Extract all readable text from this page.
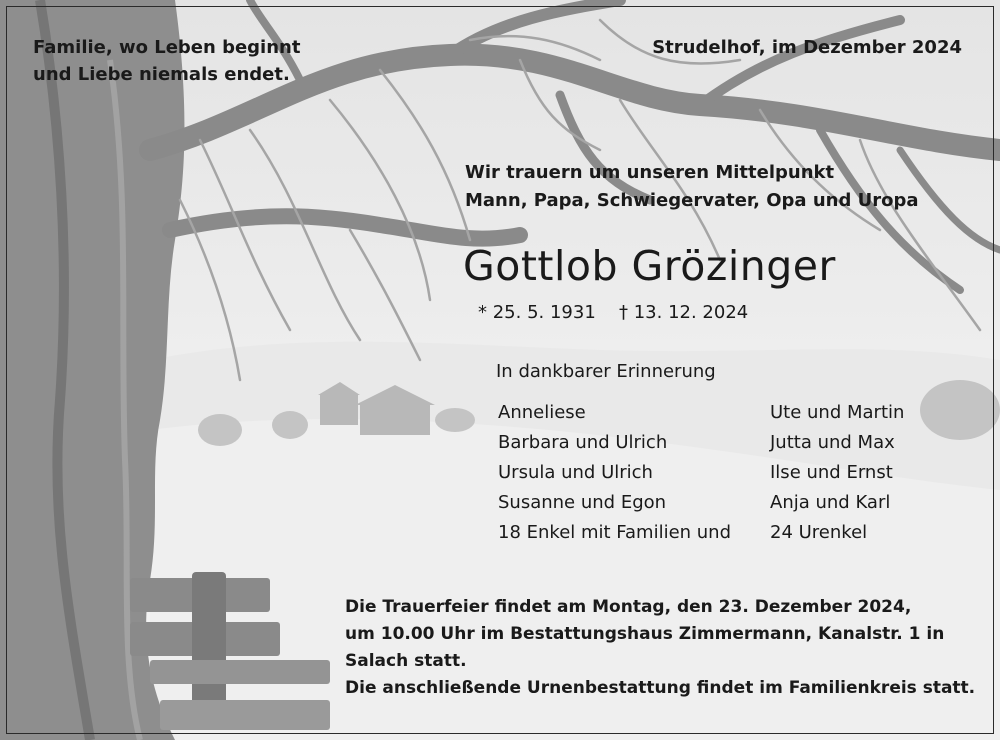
Familie, wo Leben beginnt
und Liebe niemals endet.
Strudelhof, im Dezember 2024
Wir trauern um unseren Mittelpunkt
Mann, Papa, Schwiegervater, Opa und Uropa
Gottlob Grözinger
* 25. 5. 1931 † 13. 12. 2024
In dankbarer Erinnerung
Anneliese
Barbara und Ulrich
Ursula und Ulrich
Susanne und Egon
18 Enkel mit Familien und
Ute und Martin
Jutta und Max
Ilse und Ernst
Anja und Karl
24 Urenkel
Die Trauerfeier findet am Montag, den 23. Dezember 2024,
um 10.00 Uhr im Bestattungshaus Zimmermann, Kanalstr. 1 in
Salach statt.
Die anschließende Urnenbestattung findet im Familienkreis statt.
